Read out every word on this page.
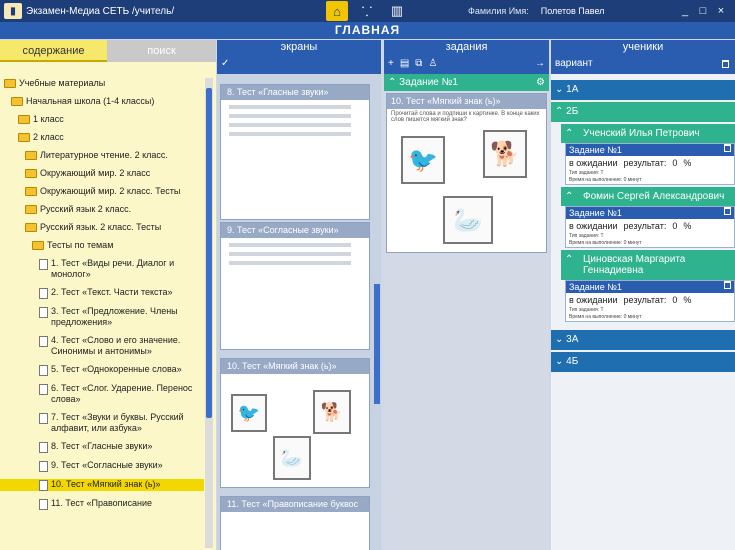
▮	Экзамен-Медиа СЕТЬ /учитель/	⌂	⸪	▥	Фамилия Имя: Полетов Павел	_	□	×
ГЛАВНАЯ
содержание	поиск
Учебные материалы
Начальная школа (1-4 классы)
1 класс
2 класс
Литературное чтение. 2 класс.
Окружающий мир. 2 класс
Окружающий мир. 2 класс. Тесты
Русский язык 2 класс.
Русский язык. 2 класс. Тесты
Тесты по темам
1. Тест «Виды речи. Диалог и монолог»
2. Тест «Текст. Части текста»
3. Тест «Предложение. Члены предложения»
4. Тест «Слово и его значение. Синонимы и антонимы»
5. Тест «Однокоренные слова»
6. Тест «Слог. Ударение. Перенос слова»
7. Тест «Звуки и буквы. Русский алфавит, или азбука»
8. Тест «Гласные звуки»
9. Тест «Согласные звуки»
10. Тест «Мягкий знак (ь)»
11. Тест «Правописание
экраны
✓
8. Тест «Гласные звуки»
9. Тест «Согласные звуки»
10. Тест «Мягкий знак (ь)»
🐦	🐕
🦢
11. Тест «Правописание буквос
задания
+ ▤ ⧉ ♙	→
⌃ Задание №1	⚙
10. Тест «Мягкий знак (ь)»
Прочитай слова и подпиши к картинке. В конце каких слов пишется мягкий знак?
🐦 🐕
🦢
ученики
вариант
⌄ 1А
⌃ 2Б
⌃ Ученский Илья Петрович
Задание №1
в ожидании результат: 0 %
Тип задания: Т
Время на выполнение: 0 минут
⌃ Фомин Сергей Александрович
Задание №1
в ожидании результат: 0 %
Тип задания: Т
Время на выполнение: 0 минут
⌃ Циновская Маргарита Геннадиевна
Задание №1
в ожидании результат: 0 %
Тип задания: Т
Время на выполнение: 0 минут
⌄ 3А
⌄ 4Б
